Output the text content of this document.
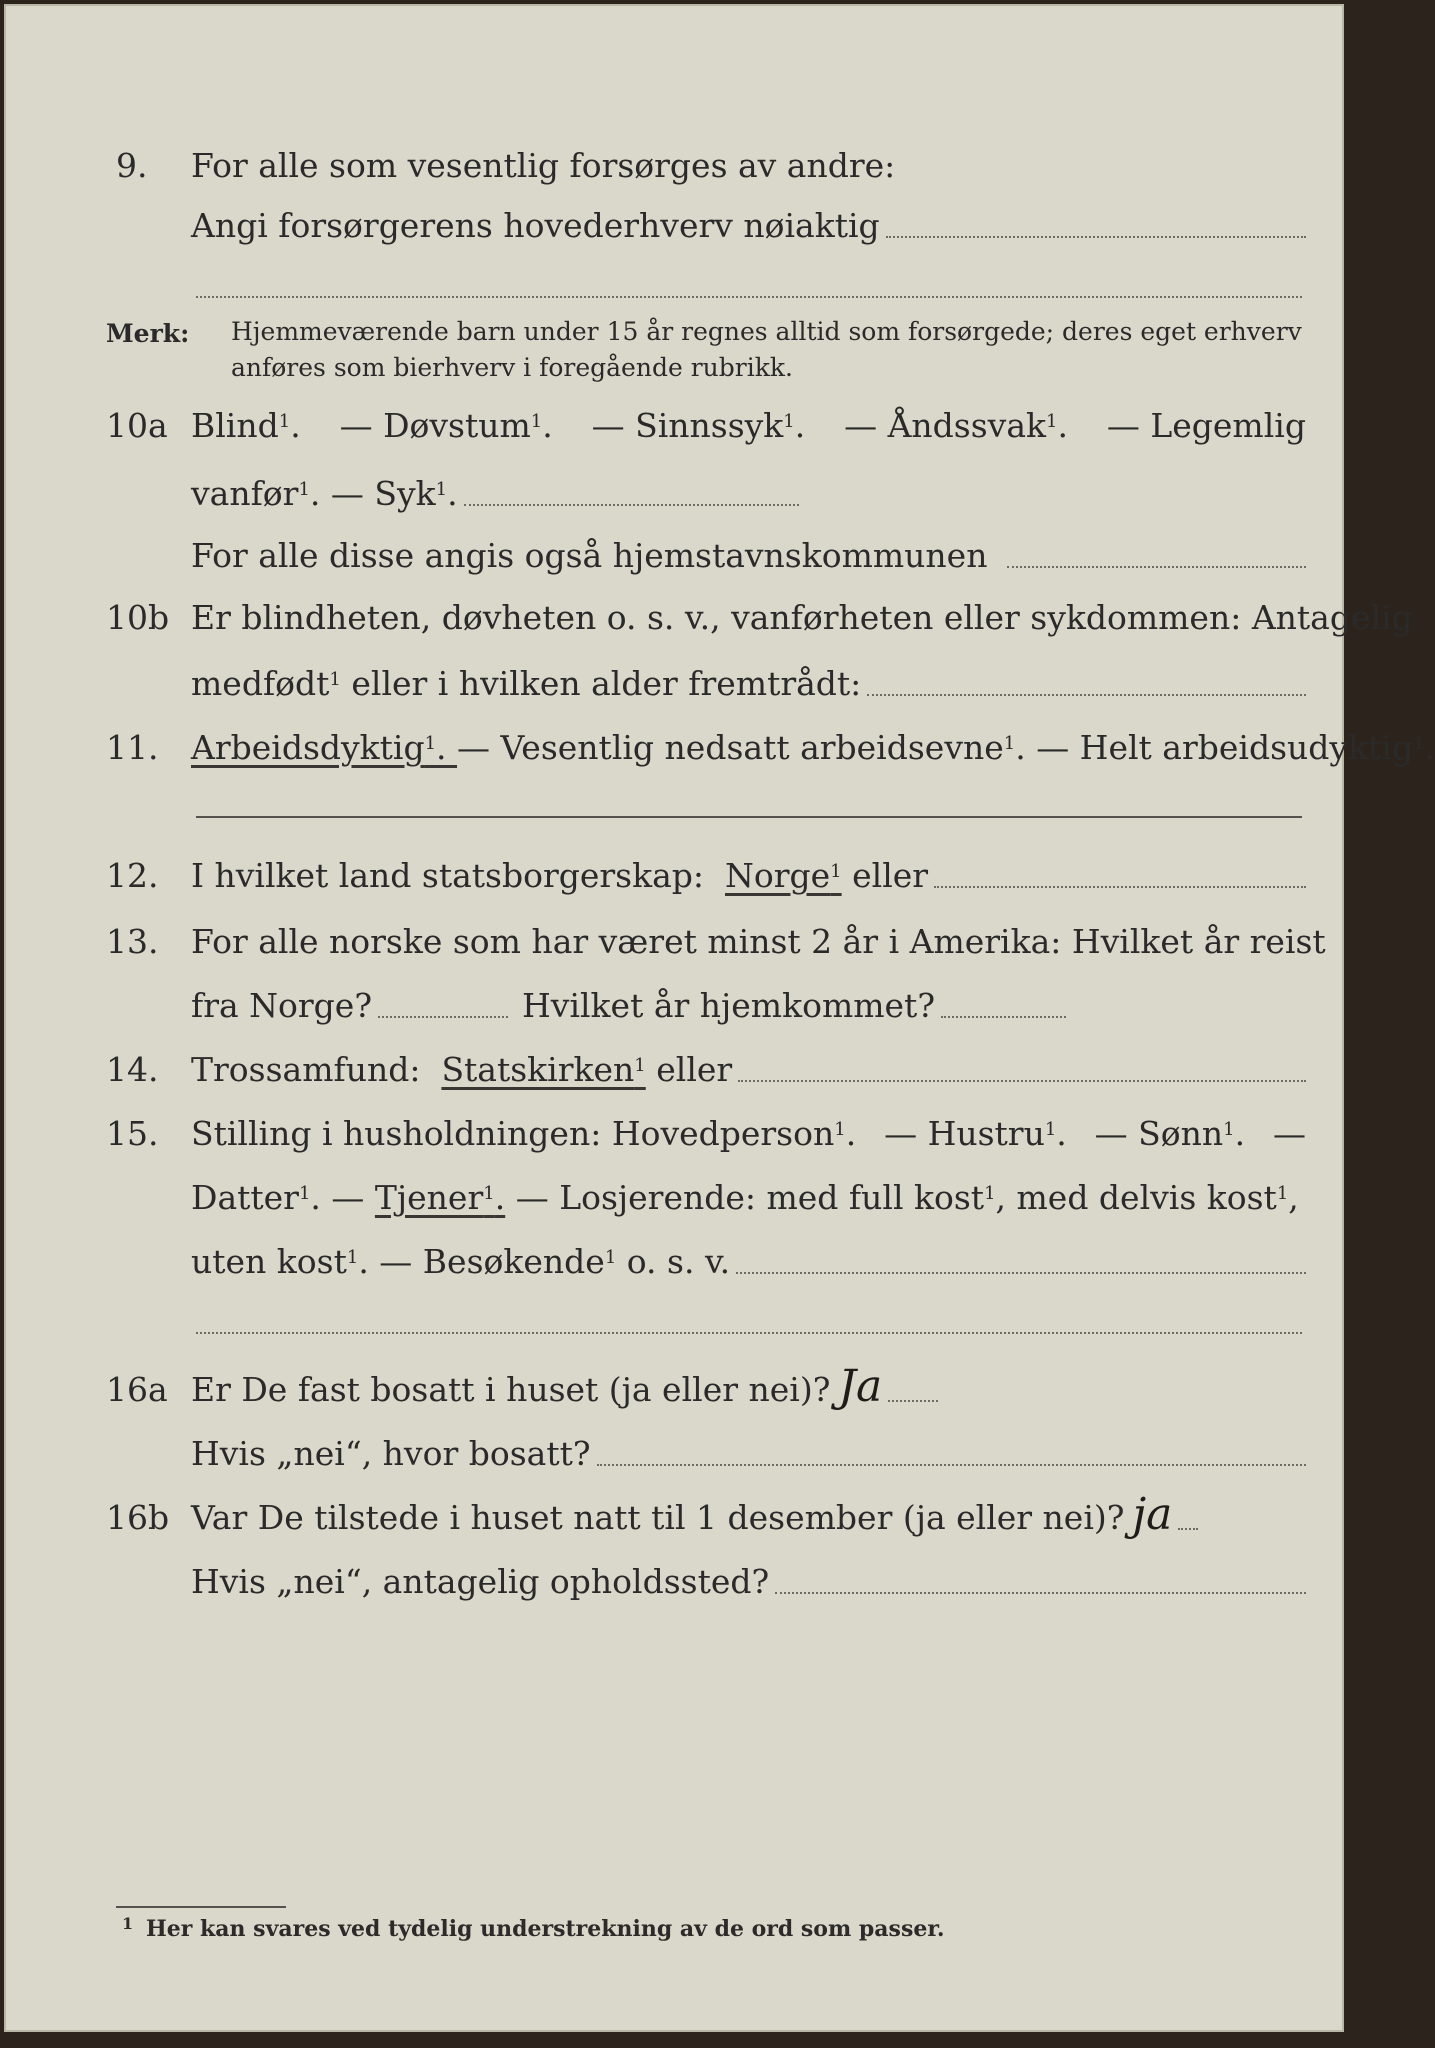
9. For alle som vesentlig forsørges av andre:
Angi forsørgerens hovederhverv nøiaktig
Merk: Hjemmeværende barn under 15 år regnes alltid som forsørgede; deres eget erhverv anføres som bierhverv i foregående rubrikk.
10a Blind$^1$. — Døvstum$^1$. — Sinnssyk$^1$. — Åndssvak$^1$. — Legemlig
vanfør$^1$. — Syk$^1$.
For alle disse angis også hjemstavnskommunen
10b Er blindheten, døvheten o. s. v., vanførheten eller sykdommen: Antagelig
medfødt$^1$ eller i hvilken alder fremtrådt:
11. Arbeidsdyktig$^1$. — Vesentlig nedsatt arbeidsevne$^1$. — Helt arbeidsudyktig$^1$.
12. I hvilket land statsborgerskap:
Norge$^1$
eller
13. For alle norske som har været minst 2 år i Amerika: Hvilket år reist
fra Norge?	Hvilket år hjemkommet?
14. Trossamfund:
Statskirken$^1$
eller
15. Stilling i husholdningen: Hovedperson$^1$. — Hustru$^1$. — Sønn$^1$. —
Datter$^1$. —
Tjener$^1$.
— Losjerende: med full kost$^1$ , med delvis kost$^1$,
uten kost$^1$. — Besøkende$^1$ o. s. v.
16a Er De fast bosatt i huset (ja eller nei)? Ja
Hvis „nei“, hvor bosatt?
16b Var De tilstede i huset natt til 1 desember (ja eller nei)? ja
Hvis „nei“, antagelig opholdssted?
1 Her kan svares ved tydelig understrekning av de ord som passer.
